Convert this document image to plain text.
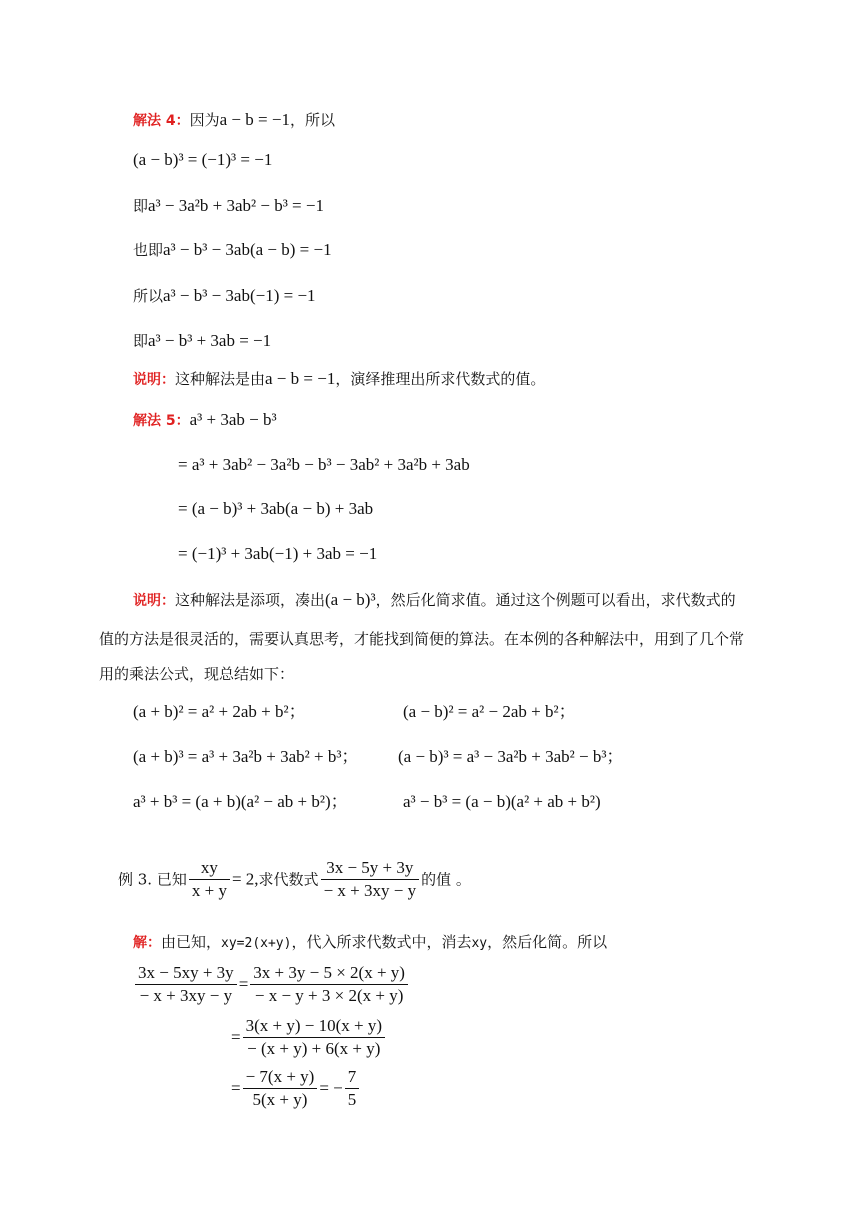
解法 4：因为a − b = −1，所以
(a − b)³ = (−1)³ = −1
即a³ − 3a²b + 3ab² − b³ = −1
也即a³ − b³ − 3ab(a − b) = −1
所以a³ − b³ − 3ab(−1) = −1
即a³ − b³ + 3ab = −1
说明：这种解法是由a − b = −1，演绎推理出所求代数式的值。
解法 5：a³ + 3ab − b³
= a³ + 3ab² − 3a²b − b³ − 3ab² + 3a²b + 3ab
= (a − b)³ + 3ab(a − b) + 3ab
= (−1)³ + 3ab(−1) + 3ab = −1
说明：这种解法是添项，凑出(a − b)³，然后化简求值。通过这个例题可以看出，求代数式的
值的方法是很灵活的，需要认真思考，才能找到简便的算法。在本例的各种解法中，用到了几个常
用的乘法公式，现总结如下：
(a + b)² = a² + 2ab + b²；	(a − b)² = a² − 2ab + b²；
(a + b)³ = a³ + 3a²b + 3ab² + b³； (a − b)³ = a³ − 3a²b + 3ab² − b³；
a³ + b³ = (a + b)(a² − ab + b²)；	a³ − b³ = (a − b)(a² + ab + b²)
例 3. 已知 $\frac{xy}{x + y} = 2$,求代数式 $\frac{3x - 5y + 3y}{- x + 3xy - y}$ 的值 。
解：由已知，xy=2(x+y)，代入所求代数式中，消去xy，然后化简。所以
$\frac{3x - 5xy + 3y}{- x + 3xy - y} = \frac{3x + 3y - 5 \times 2(x + y)}{- x - y + 3 \times 2(x + y)}$
= $\frac{3(x + y) - 10(x + y)}{- (x + y) + 6(x + y)}$
= $\frac{- 7(x + y)}{5(x + y)}$ = − $\frac{7}{5}$
